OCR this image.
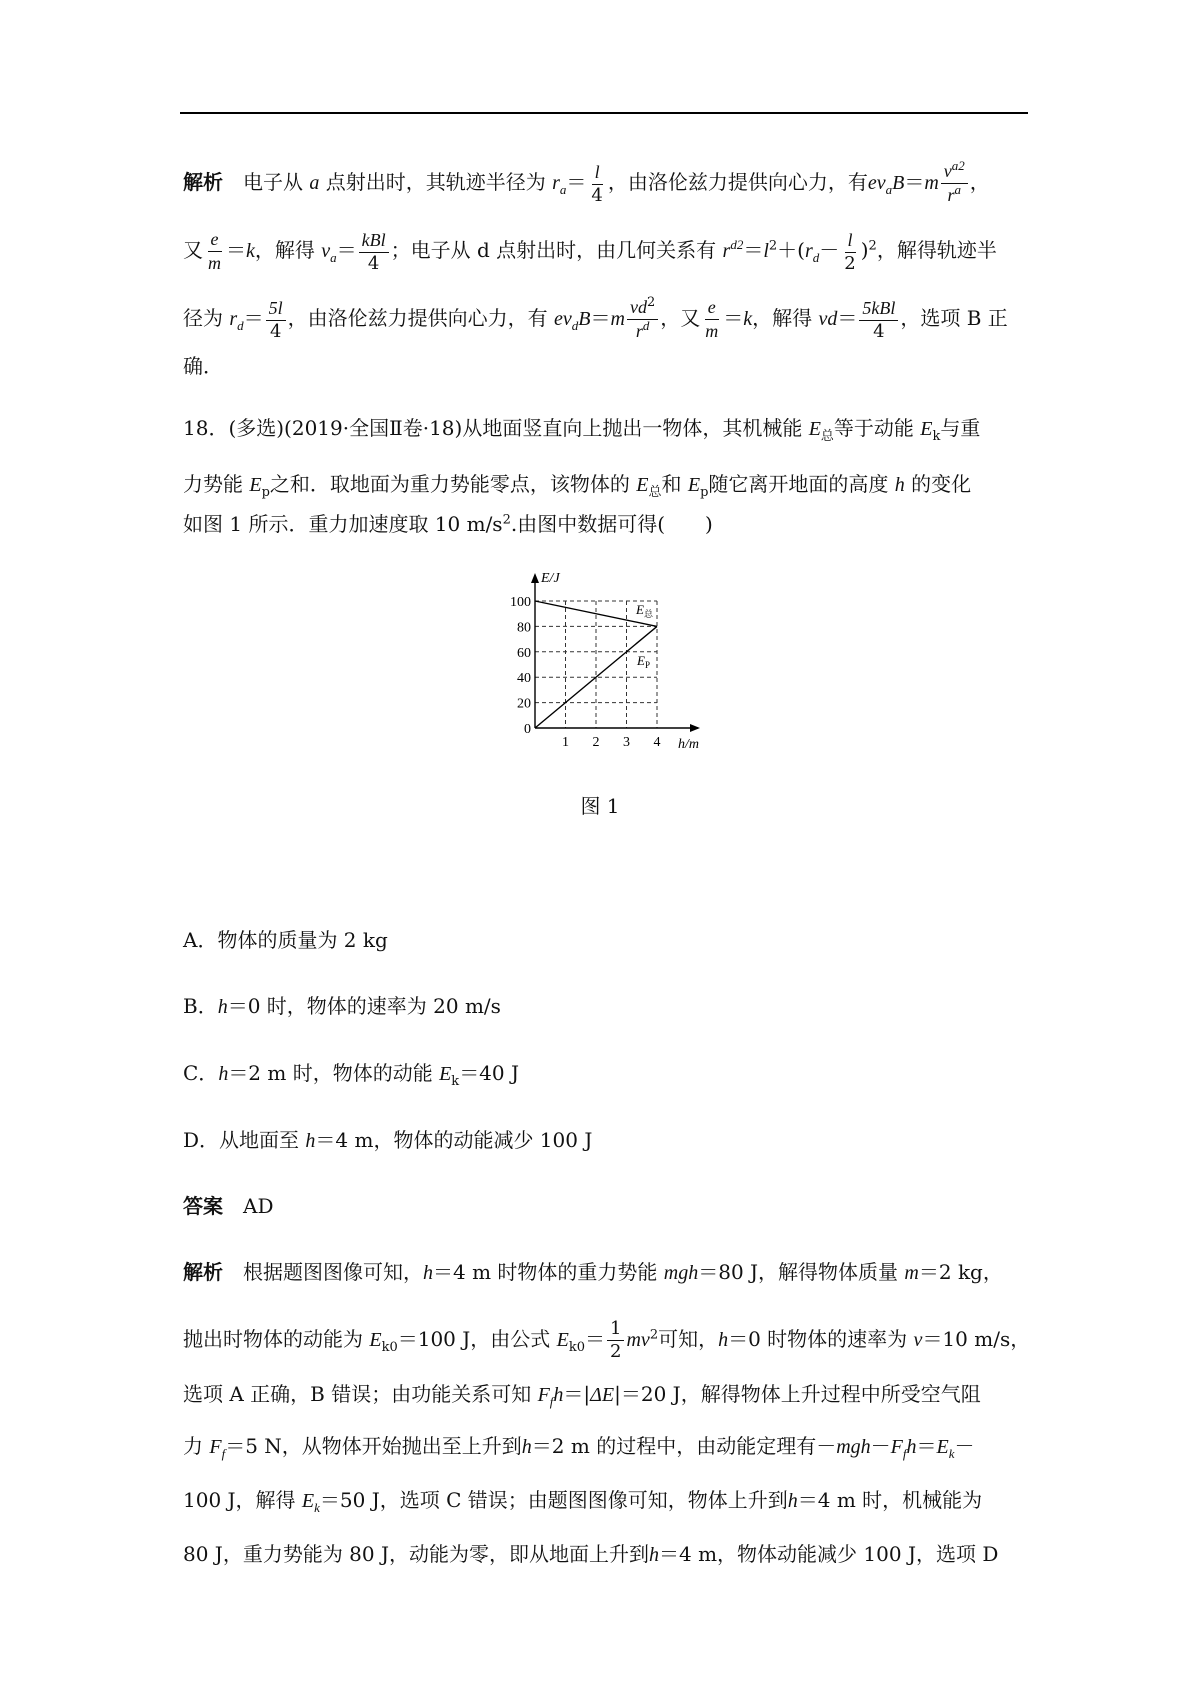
解析　 电子从 a 点射出时，其轨迹半径为 $r_a= \frac{l}{4}$ ，由洛伦兹力提供向心力，有$ev_aB=m \frac{v^{a2}}{r^a}$ ，
又 $\frac{e}{m} =k$，解得 $v_a= \frac{\text{kBl}}{4}$ ；电子从 d 点射出时，由几何关系有 $r^{d2}=l^2+(r_d- \frac{l}{2} )^2$，解得轨迹半
径为 $r_d= \frac{5l}{4}$ ，由洛伦兹力提供向心力，有 $ev_dB=m \frac{vd^2}{r^d}$ ，又 $\frac{e}{m} =k$，解得 $vd= \frac{\text{5kBl}}{4}$ ，选项 B 正
确．
18．(多选)(2019·全国Ⅱ卷·18)从地面竖直向上抛出一物体，其机械能 $E_总$等于动能 $E_k$与重
力势能 $E_p$之和．取地面为重力势能零点，该物体的 $E_总$和 $E_p$随它离开地面的高度 h 的变化
如图 1 所示．重力加速度取 10 $m/s^2$.由图中数据可得(　　)
0
20
40
60
80
100
1 2 3 4
E/J
h/m
$E_总$
$E_P$
图 1
A．物体的质量为 2 kg
B．h＝0 时，物体的速率为 20 m/s
C．h＝2 m 时，物体的动能 $E_k=40$ J
D．从地面至 h＝4 m，物体的动能减少 100 J
答案　 AD
解析　 根据题图图像可知，h＝4 m 时物体的重力势能 mgh＝80 J，解得物体质量 m＝2 kg，
抛出时物体的动能为 $E_{k0}=100$ J，由公式 $E_{k0}= \frac{1}{2} mv^2$可知，h＝0 时物体的速率为 v＝10 m/s，
选项 A 正确，B 错误；由功能关系可知 $F_fh=|\Delta E|=20$ J，解得物体上升过程中所受空气阻
力 $F_f=5$ N，从物体开始抛出至上升到h＝2 m 的过程中，由动能定理有$-mgh-F_fh=E_k-$
100 J，解得 $E_k=50$ J，选项 C 错误；由题图图像可知，物体上升到h＝4 m 时，机械能为
80 J，重力势能为 80 J，动能为零，即从地面上升到h＝4 m，物体动能减少 100 J，选项 D
